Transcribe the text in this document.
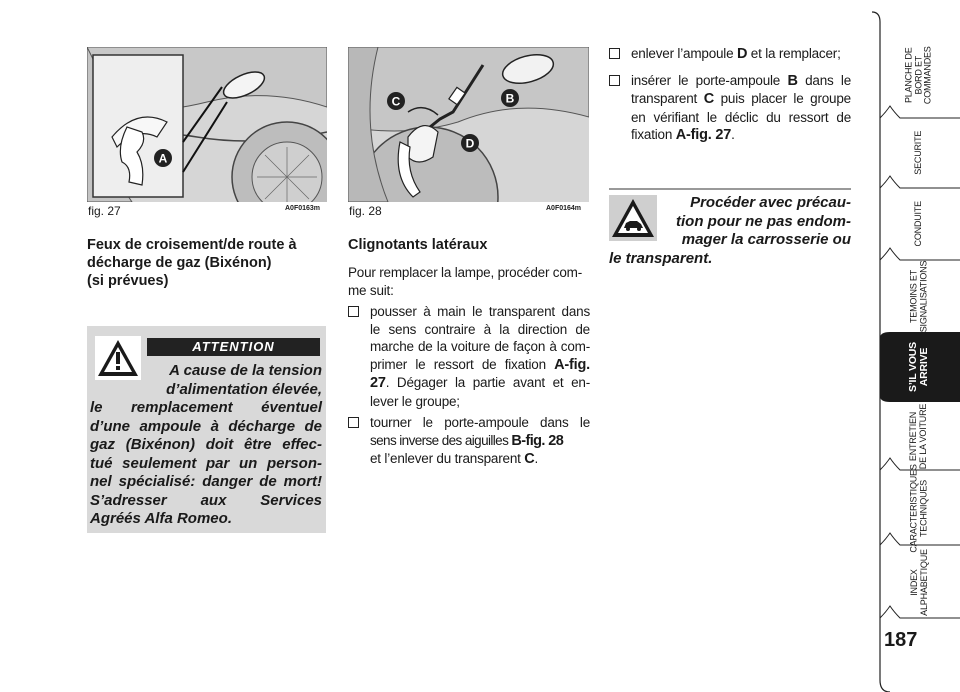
A
fig. 27	A0F0163m
C	B
D
fig. 28	A0F0164m
Feux de croisement/de route à
décharge de gaz (Bixénon)
(si prévues)
ATTENTION
A cause de la tension
d’alimentation élevée,
le remplacement éventuel
d’une ampoule à décharge de
gaz (Bixénon) doit être effec-
tué seulement par un person-
nel spécialisé: danger de mort!
S’adresser aux Services
Agréés Alfa Romeo.
Clignotants latéraux
Pour remplacer la lampe, procéder com-
me suit:
pousser à main le transparent dans
le sens contraire à la direction de
marche de la voiture de façon à com-
primer le ressort de fixation A-fig.
27. Dégager la partie avant et en-
lever le groupe;
tourner le porte-ampoule dans le
sens inverse des aiguilles B-fig. 28
et l’enlever du transparent C.
enlever l’ampoule D et la remplacer;
insérer le porte-ampoule B dans le
transparent C puis placer le groupe
en vérifiant le déclic du ressort de
fixation A-fig. 27.
Procéder avec précau-
tion pour ne pas endom-
mager la carrosserie ou
le transparent.
PLANCHE DE
BORD ET
COMMANDES
SECURITE
CONDUITE
TEMOINS ET
SIGNALISATIONS
S’IL VOUS
ARRIVE
ENTRETIEN
DE LA VOITURE
CARACTERISTIQUES
TECHNIQUES
INDEX
ALPHABETIQUE
187
